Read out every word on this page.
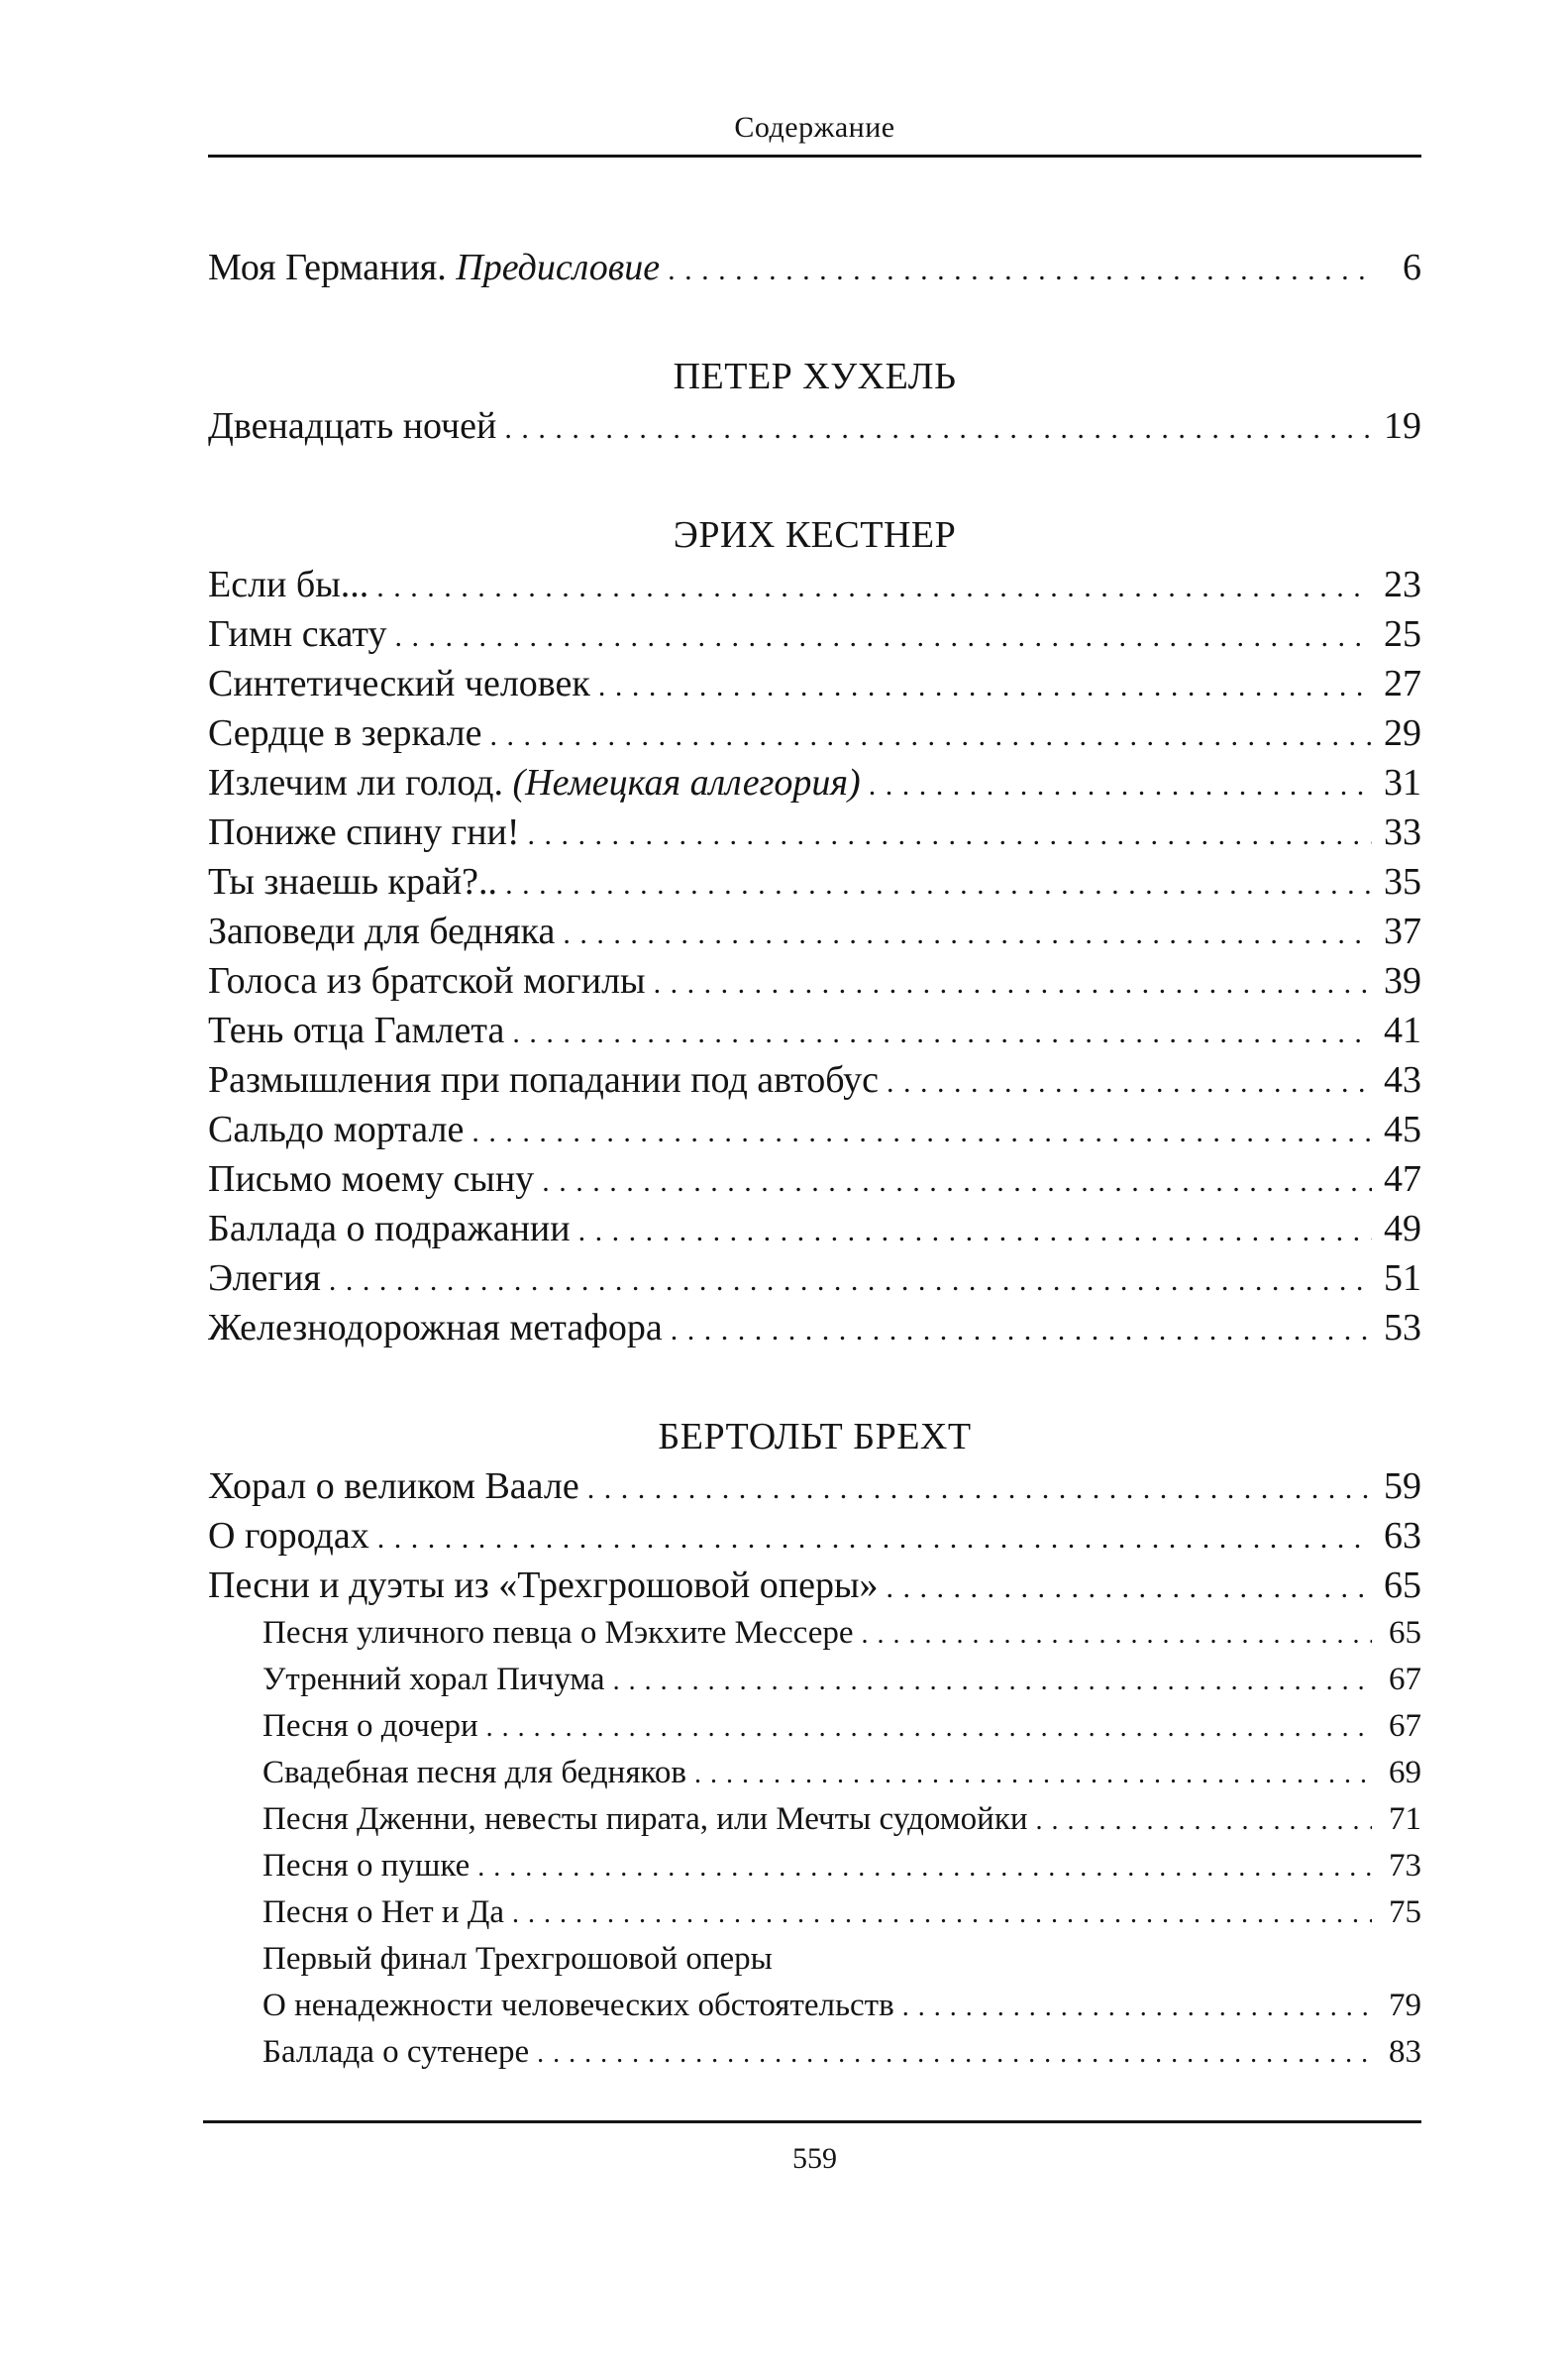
Содержание
Моя Германия. Предисловие . . .	6
ПЕТЕР ХУХЕЛЬ
Двенадцать ночей . . .	19
ЭРИХ КЕСТНЕР
Если бы... . . .	23
Гимн скату . . .	25
Синтетический человек . . .	27
Сердце в зеркале . . .	29
Излечим ли голод. (Немецкая аллегория) . . .	31
Пониже спину гни! . . .	33
Ты знаешь край?.. . . .	35
Заповеди для бедняка . . .	37
Голоса из братской могилы . . .	39
Тень отца Гамлета . . .	41
Размышления при попадании под автобус . . .	43
Сальдо мортале . . .	45
Письмо моему сыну . . .	47
Баллада о подражании . . .	49
Элегия . . .	51
Железнодорожная метафора . . .	53
БЕРТОЛЬТ БРЕХТ
Хорал о великом Ваале . . .	59
О городах . . .	63
Песни и дуэты из «Трехгрошовой оперы» . . .	65
Песня уличного певца о Мэкхите Мессере . . .	65
Утренний хорал Пичума . . .	67
Песня о дочери . . .	67
Свадебная песня для бедняков . . .	69
Песня Дженни, невесты пирата, или Мечты судомойки . . .	71
Песня о пушке . . .	73
Песня о Нет и Да . . .	75
Первый финал Трехгрошовой оперы
О ненадежности человеческих обстоятельств . . .	79
Баллада о сутенере . . .	83
559
